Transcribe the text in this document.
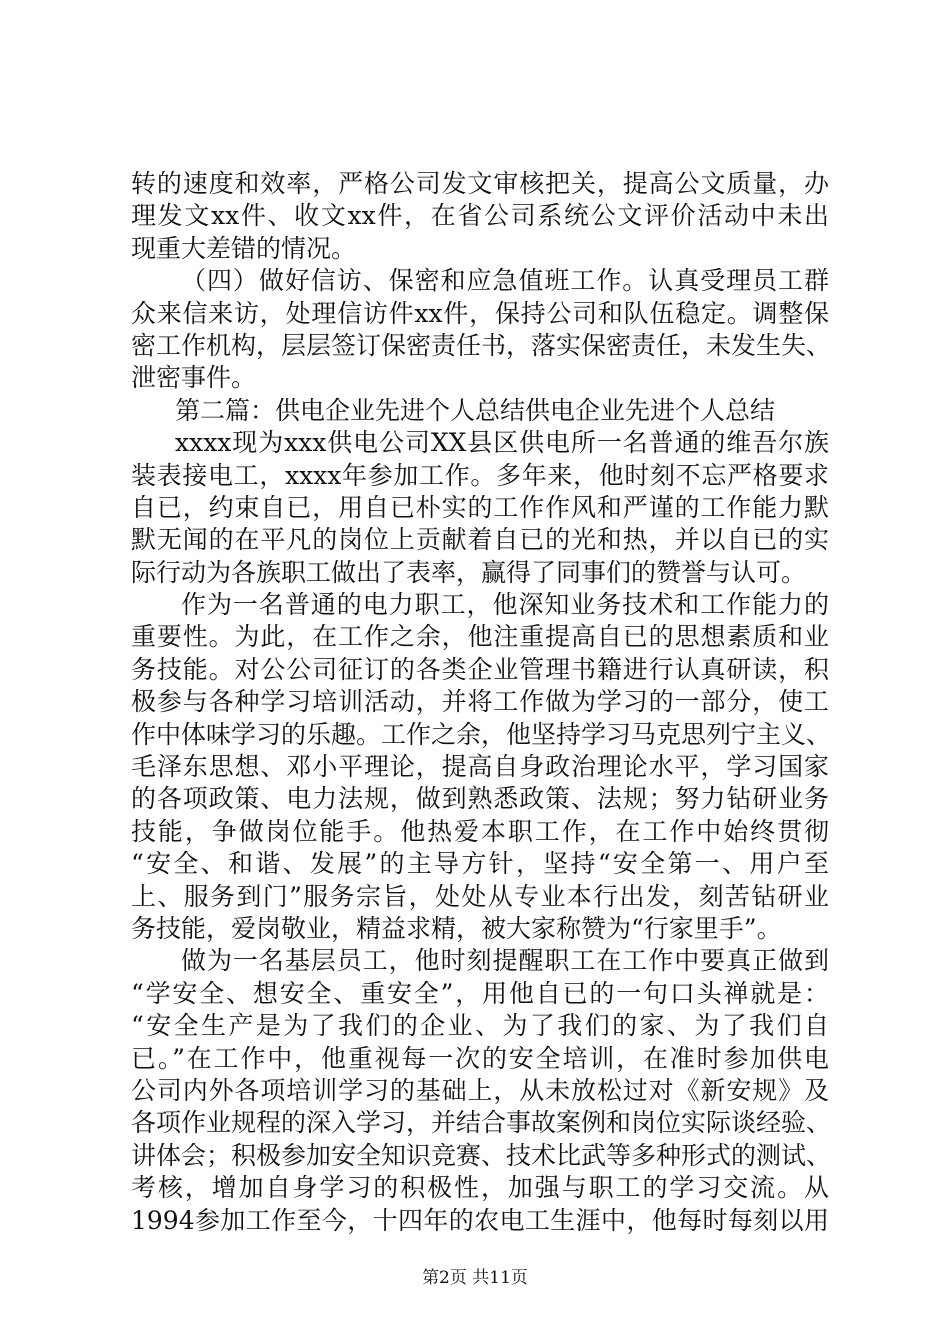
转的速度和效率，严格公司发文审核把关，提高公文质量，办
理发文xx件、收文xx件，在省公司系统公文评价活动中未出
现重大差错的情况。
（四）做好信访、保密和应急值班工作。认真受理员工群
众来信来访，处理信访件xx件，保持公司和队伍稳定。调整保
密工作机构，层层签订保密责任书，落实保密责任，未发生失、
泄密事件。
第二篇：供电企业先进个人总结供电企业先进个人总结
xxxx现为xxx供电公司XX县区供电所一名普通的维吾尔族
装表接电工，xxxx年参加工作。多年来，他时刻不忘严格要求
自已，约束自已，用自已朴实的工作作风和严谨的工作能力默
默无闻的在平凡的岗位上贡献着自已的光和热，并以自已的实
际行动为各族职工做出了表率，赢得了同事们的赞誉与认可。
作为一名普通的电力职工，他深知业务技术和工作能力的
重要性。为此，在工作之余，他注重提高自已的思想素质和业
务技能。对公公司征订的各类企业管理书籍进行认真研读，积
极参与各种学习培训活动，并将工作做为学习的一部分，使工
作中体味学习的乐趣。工作之余，他坚持学习马克思列宁主义、
毛泽东思想、邓小平理论，提高自身政治理论水平，学习国家
的各项政策、电力法规，做到熟悉政策、法规；努力钻研业务
技能，争做岗位能手。他热爱本职工作，在工作中始终贯彻
“安全、和谐、发展”的主导方针，坚持“安全第一、用户至
上、服务到门”服务宗旨，处处从专业本行出发，刻苦钻研业
务技能，爱岗敬业，精益求精，被大家称赞为“行家里手”。
做为一名基层员工，他时刻提醒职工在工作中要真正做到
“学安全、想安全、重安全”，用他自已的一句口头禅就是：
“安全生产是为了我们的企业、为了我们的家、为了我们自
已。”在工作中，他重视每一次的安全培训，在准时参加供电
公司内外各项培训学习的基础上，从未放松过对《新安规》及
各项作业规程的深入学习，并结合事故案例和岗位实际谈经验、
讲体会；积极参加安全知识竞赛、技术比武等多种形式的测试、
考核，增加自身学习的积极性，加强与职工的学习交流。从
1994参加工作至今，十四年的农电工生涯中，他每时每刻以用
第2页 共11页
